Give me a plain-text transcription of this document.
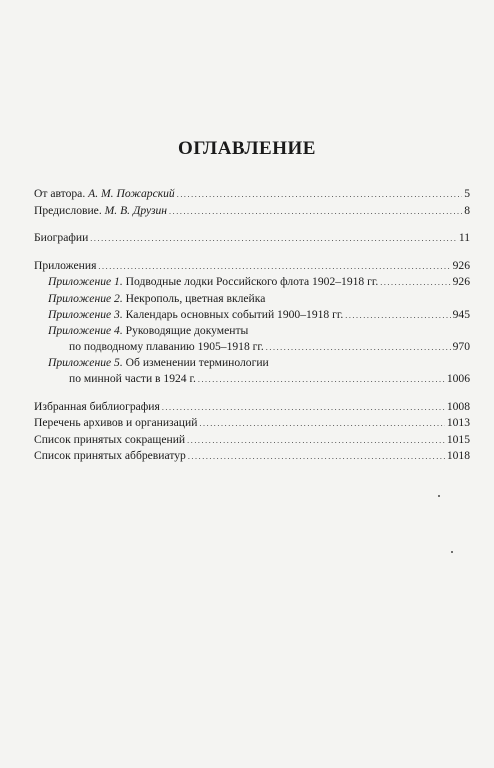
ОГЛАВЛЕНИЕ
От автора. А. М. Пожарский .....	5
Предисловие. М. В. Друзин .....	8
Биографии .....	11
Приложения .....	926
Приложение 1. Подводные лодки Российского флота 1902–1918 гг. .....	926
Приложение 2. Некрополь, цветная вклейка
Приложение 3. Календарь основных событий 1900–1918 гг. .....	945
Приложение 4. Руководящие документы
по подводному плаванию 1905–1918 гг. .....	970
Приложение 5. Об изменении терминологии
по минной части в 1924 г. .....	1006
Избранная библиография .....	1008
Перечень архивов и организаций .....	1013
Список принятых сокращений .....	1015
Список принятых аббревиатур .....	1018
